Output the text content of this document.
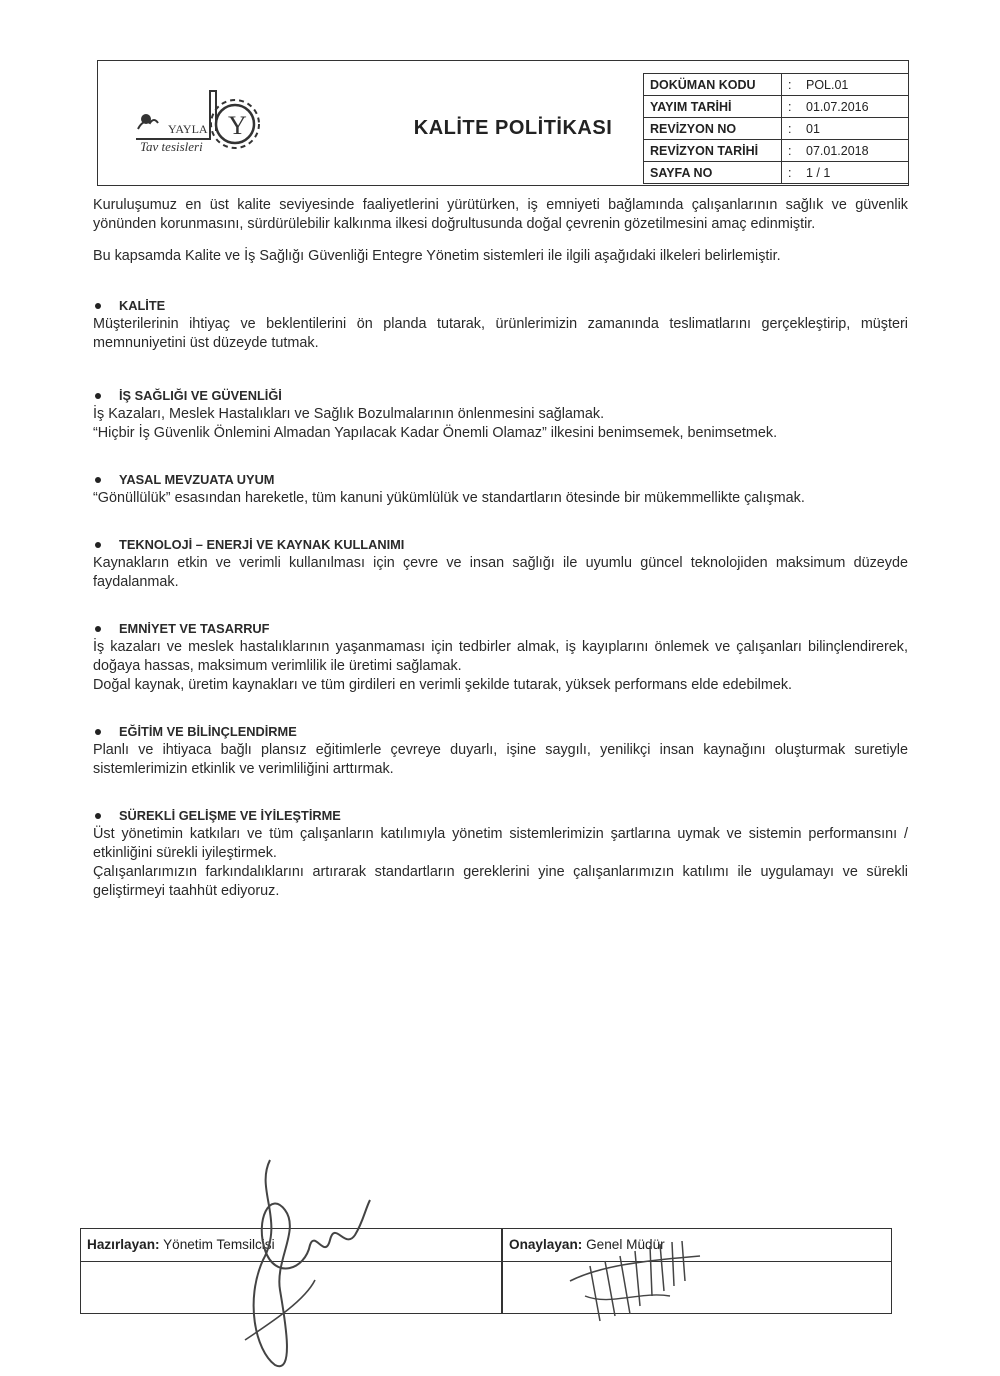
Y
YAYLA
Tav tesisleri
KALİTE POLİTİKASI
DOKÜMAN KODU	: POL.01
YAYIM TARİHİ	: 01.07.2016
REVİZYON NO	: 01
REVİZYON TARİHİ	: 07.01.2018
SAYFA NO	: 1 / 1

Kuruluşumuz en üst kalite seviyesinde faaliyetlerini yürütürken, iş emniyeti bağlamında çalışanlarının sağlık ve güvenlik yönünden korunmasını, sürdürülebilir kalkınma ilkesi doğrultusunda doğal çevrenin gözetilmesini amaç edinmiştir.

Bu kapsamda Kalite ve İş Sağlığı Güvenliği Entegre Yönetim sistemleri ile ilgili aşağıdaki ilkeleri belirlemiştir.

KALİTE

Müşterilerinin ihtiyaç ve beklentilerini ön planda tutarak, ürünlerimizin zamanında teslimatlarını gerçekleştirip, müşteri memnuniyetini üst düzeyde tutmak.

İŞ SAĞLIĞI VE GÜVENLİĞİ

İş Kazaları, Meslek Hastalıkları ve Sağlık Bozulmalarının önlenmesini sağlamak.

“Hiçbir İş Güvenlik Önlemini Almadan Yapılacak Kadar Önemli Olamaz” ilkesini benimsemek, benimsetmek.

YASAL MEVZUATA UYUM

“Gönüllülük” esasından hareketle, tüm kanuni yükümlülük ve standartların ötesinde bir mükemmellikte çalışmak.

TEKNOLOJİ – ENERJİ VE KAYNAK KULLANIMI

Kaynakların etkin ve verimli kullanılması için çevre ve insan sağlığı ile uyumlu güncel teknolojiden maksimum düzeyde faydalanmak.

EMNİYET VE TASARRUF

İş kazaları ve meslek hastalıklarının yaşanmaması için tedbirler almak, iş kayıplarını önlemek ve çalışanları bilinçlendirerek, doğaya hassas, maksimum verimlilik ile üretimi sağlamak.

Doğal kaynak, üretim kaynakları ve tüm girdileri en verimli şekilde tutarak, yüksek performans elde edebilmek.

EĞİTİM VE BİLİNÇLENDİRME

Planlı ve ihtiyaca bağlı plansız eğitimlerle çevreye duyarlı, işine saygılı, yenilikçi insan kaynağını oluşturmak suretiyle sistemlerimizin etkinlik ve verimliliğini arttırmak.

SÜREKLİ GELİŞME VE İYİLEŞTİRME

Üst yönetimin katkıları ve tüm çalışanların katılımıyla yönetim sistemlerimizin şartlarına uymak ve sistemin performansını / etkinliğini sürekli iyileştirmek.

Çalışanlarımızın farkındalıklarını artırarak standartların gereklerini yine çalışanlarımızın katılımı ile uygulamayı ve sürekli geliştirmeyi taahhüt ediyoruz.

Hazırlayan: Yönetim Temsilcisi	Onaylayan: Genel Müdür
